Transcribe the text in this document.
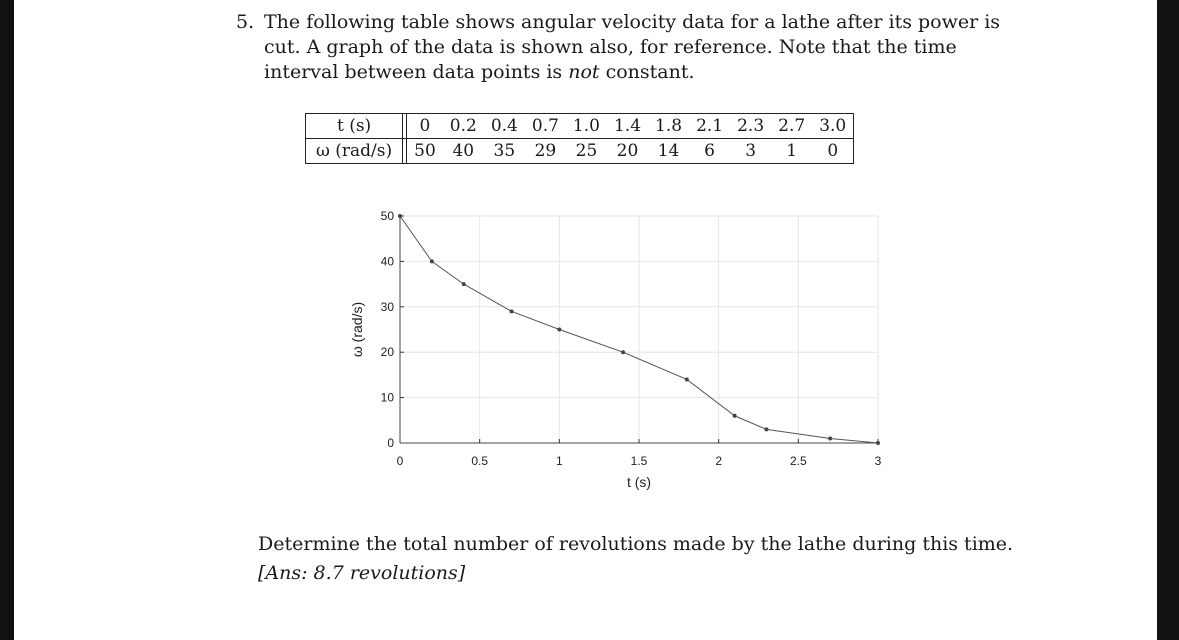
5. The following table shows angular velocity data for a lathe after its power is cut. A graph of the data is shown also, for reference. Note that the time interval between data points is not constant.
t (s)		0	0.2	0.4	0.7	1.0	1.4	1.8	2.1	2.3	2.7	3.0
ω (rad/s)		50	40	35	29	25	20	14	6	3	1	0
0	0.5	1	1.5	2	2.5	3
0
10
20
30
40
50
t (s)
ω (rad/s)
Determine the total number of revolutions made by the lathe during this time.
[Ans: 8.7 revolutions]
